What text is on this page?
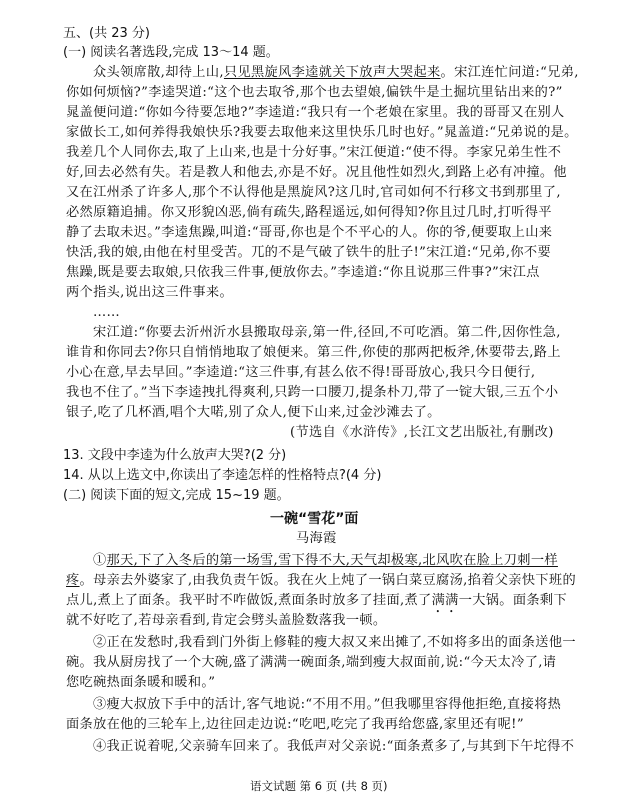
五、(共 23 分)
(一) 阅读名著选段,完成 13～14 题。
众头领席散,却待上山,只见黑旋风李逵就关下放声大哭起来。宋江连忙问道:“兄弟,
你如何烦恼?”李逵哭道:“这个也去取爷,那个也去望娘,偏铁牛是土掘坑里钻出来的?”
晁盖便问道:“你如今待要怎地?”李逵道:“我只有一个老娘在家里。我的哥哥又在别人
家做长工,如何养得我娘快乐?我要去取他来这里快乐几时也好。”晁盖道:“兄弟说的是。
我差几个人同你去,取了上山来,也是十分好事。”宋江便道:“使不得。李家兄弟生性不
好,回去必然有失。若是教人和他去,亦是不好。况且他性如烈火,到路上必有冲撞。他
又在江州杀了许多人,那个不认得他是黑旋风?这几时,官司如何不行移文书到那里了,
必然原籍追捕。你又形貌凶恶,倘有疏失,路程遥远,如何得知?你且过几时,打听得平
静了去取未迟。”李逵焦躁,叫道:“哥哥,你也是个不平心的人。你的爷,便要取上山来
快活,我的娘,由他在村里受苦。兀的不是气破了铁牛的肚子!”宋江道:“兄弟,你不要
焦躁,既是要去取娘,只依我三件事,便放你去。”李逵道:“你且说那三件事?”宋江点
两个指头,说出这三件事来。
……
宋江道:“你要去沂州沂水县搬取母亲,第一件,径回,不可吃酒。第二件,因你性急,
谁肯和你同去?你只自悄悄地取了娘便来。第三件,你使的那两把板斧,休要带去,路上
小心在意,早去早回。”李逵道:“这三件事,有甚么依不得!哥哥放心,我只今日便行,
我也不住了。”当下李逵拽扎得爽利,只跨一口腰刀,提条朴刀,带了一锭大银,三五个小
银子,吃了几杯酒,唱个大喏,别了众人,便下山来,过金沙滩去了。
(节选自《水浒传》,长江文艺出版社,有删改)
13. 文段中李逵为什么放声大哭?(2 分)
14. 从以上选文中,你读出了李逵怎样的性格特点?(4 分)
(二) 阅读下面的短文,完成 15~19 题。
一碗“雪花”面
马海霞
①那天,下了入冬后的第一场雪,雪下得不大,天气却极寒,北风吹在脸上刀刺一样
疼。母亲去外婆家了,由我负责午饭。我在火上炖了一锅白菜豆腐汤,掐着父亲快下班的
点儿,煮上了面条。我平时不咋做饭,煮面条时放多了挂面,煮了满满一大锅。面条剩下
就不好吃了,若母亲看到,肯定会劈头盖脸数落我一顿。
②正在发愁时,我看到门外街上修鞋的瘦大叔又来出摊了,不如将多出的面条送他一
碗。我从厨房找了一个大碗,盛了满满一碗面条,端到瘦大叔面前,说:“今天太冷了,请
您吃碗热面条暖和暖和。”
③瘦大叔放下手中的活计,客气地说:“不用不用。”但我哪里容得他拒绝,直接将热
面条放在他的三轮车上,边往回走边说:“吃吧,吃完了我再给您盛,家里还有呢!”
④我正说着呢,父亲骑车回来了。我低声对父亲说:“面条煮多了,与其到下午坨得不
语文试题 第 6 页 (共 8 页)
